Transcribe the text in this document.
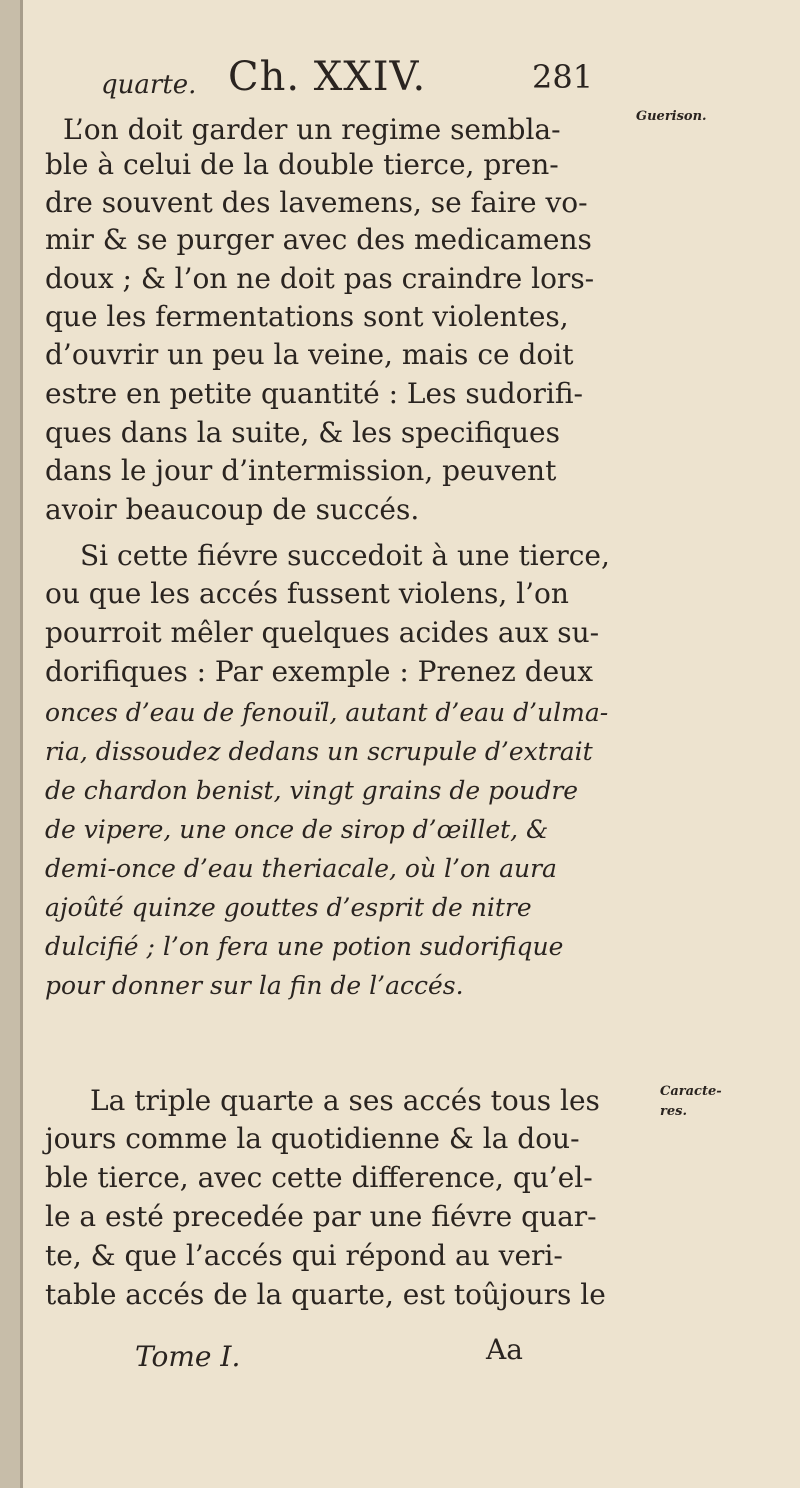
quarte. Ch. XXIV.	281
Guerison.
Caracte-
res.
L’on doit garder un regime sembla-
ble à celui de la double tierce, pren-
dre souvent des lavemens, se faire vo-
mir & se purger avec des medicamens
doux ; & l’on ne doit pas craindre lors-
que les fermentations sont violentes,
d’ouvrir un peu la veine, mais ce doit
estre en petite quantité : Les sudorifi-
ques dans la suite, & les specifiques
dans le jour d’intermission, peuvent
avoir beaucoup de succés.
Si cette fiévre succedoit à une tierce,
ou que les accés fussent violens, l’on
pourroit mêler quelques acides aux su-
dorifiques : Par exemple : Prenez deux
onces d’eau de fenouïl, autant d’eau d’ulma-
ria, dissoudez dedans un scrupule d’extrait
de chardon benist, vingt grains de poudre
de vipere, une once de sirop d’œillet, &
demi-once d’eau theriacale, où l’on aura
ajoûté quinze gouttes d’esprit de nitre
dulcifié ; l’on fera une potion sudorifique
pour donner sur la fin de l’accés.
La triple quarte a ses accés tous les
jours comme la quotidienne & la dou-
ble tierce, avec cette difference, qu’el-
le a esté precedée par une fiévre quar-
te, & que l’accés qui répond au veri-
table accés de la quarte, est toûjours le
Tome I.	Aa
